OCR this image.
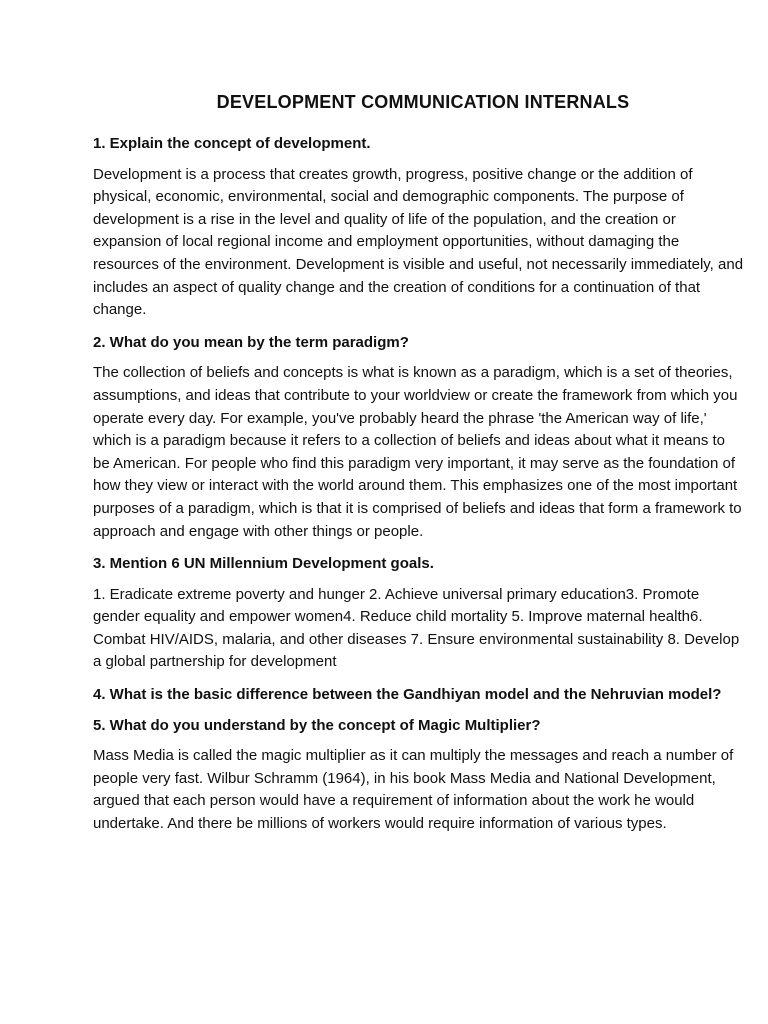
DEVELOPMENT COMMUNICATION INTERNALS

1. Explain the concept of development.

Development is a process that creates growth, progress, positive change or the addition of physical, economic, environmental, social and demographic components. The purpose of development is a rise in the level and quality of life of the population, and the creation or expansion of local regional income and employment opportunities, without damaging the resources of the environment. Development is visible and useful, not necessarily immediately, and includes an aspect of quality change and the creation of conditions for a continuation of that change.

2. What do you mean by the term paradigm?

The collection of beliefs and concepts is what is known as a paradigm, which is a set of theories, assumptions, and ideas that contribute to your worldview or create the framework from which you operate every day. For example, you've probably heard the phrase 'the American way of life,' which is a paradigm because it refers to a collection of beliefs and ideas about what it means to be American. For people who find this paradigm very important, it may serve as the foundation of how they view or interact with the world around them. This emphasizes one of the most important purposes of a paradigm, which is that it is comprised of beliefs and ideas that form a framework to approach and engage with other things or people.

3. Mention 6 UN Millennium Development goals.

1. Eradicate extreme poverty and hunger 2. Achieve universal primary education3. Promote gender equality and empower women4. Reduce child mortality 5. Improve maternal health6. Combat HIV/AIDS, malaria, and other diseases 7. Ensure environmental sustainability 8. Develop a global partnership for development

4. What is the basic difference between the Gandhiyan model and the Nehruvian model?

5. What do you understand by the concept of Magic Multiplier?

Mass Media is called the magic multiplier as it can multiply the messages and reach a number of people very fast. Wilbur Schramm (1964), in his book Mass Media and National Development, argued that each person would have a requirement of information about the work he would undertake. And there be millions of workers would require information of various types.
